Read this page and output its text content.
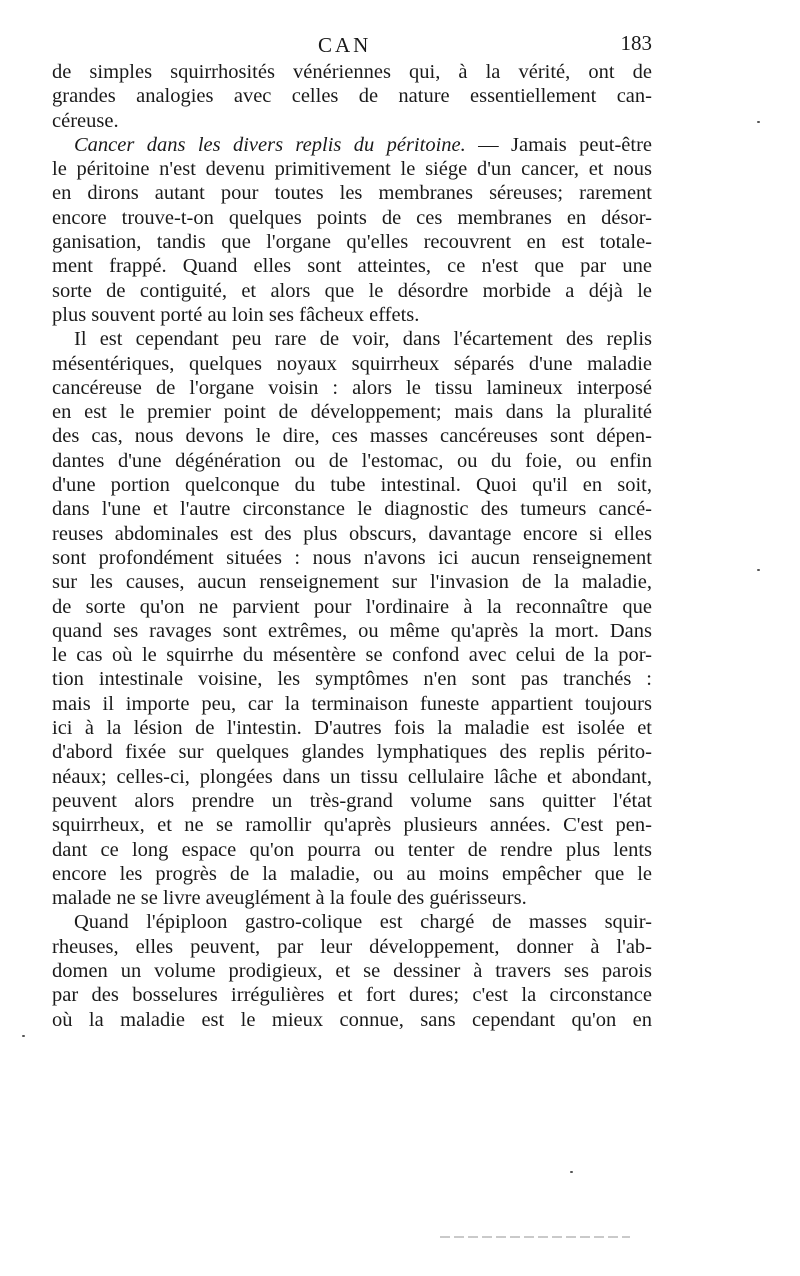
CAN	183
de simples squirrhosités vénériennes qui, à la vérité, ont de
grandes analogies avec celles de nature essentiellement can-
céreuse.
Cancer dans les divers replis du péritoine. — Jamais peut-être
le péritoine n'est devenu primitivement le siége d'un cancer, et nous
en dirons autant pour toutes les membranes séreuses; rarement
encore trouve-t-on quelques points de ces membranes en désor-
ganisation, tandis que l'organe qu'elles recouvrent en est totale-
ment frappé. Quand elles sont atteintes, ce n'est que par une
sorte de contiguité, et alors que le désordre morbide a déjà le
plus souvent porté au loin ses fâcheux effets.
Il est cependant peu rare de voir, dans l'écartement des replis
mésentériques, quelques noyaux squirrheux séparés d'une maladie
cancéreuse de l'organe voisin : alors le tissu lamineux interposé
en est le premier point de développement; mais dans la pluralité
des cas, nous devons le dire, ces masses cancéreuses sont dépen-
dantes d'une dégénération ou de l'estomac, ou du foie, ou enfin
d'une portion quelconque du tube intestinal. Quoi qu'il en soit,
dans l'une et l'autre circonstance le diagnostic des tumeurs cancé-
reuses abdominales est des plus obscurs, davantage encore si elles
sont profondément situées : nous n'avons ici aucun renseignement
sur les causes, aucun renseignement sur l'invasion de la maladie,
de sorte qu'on ne parvient pour l'ordinaire à la reconnaître que
quand ses ravages sont extrêmes, ou même qu'après la mort. Dans
le cas où le squirrhe du mésentère se confond avec celui de la por-
tion intestinale voisine, les symptômes n'en sont pas tranchés :
mais il importe peu, car la terminaison funeste appartient toujours
ici à la lésion de l'intestin. D'autres fois la maladie est isolée et
d'abord fixée sur quelques glandes lymphatiques des replis périto-
néaux; celles-ci, plongées dans un tissu cellulaire lâche et abondant,
peuvent alors prendre un très-grand volume sans quitter l'état
squirrheux, et ne se ramollir qu'après plusieurs années. C'est pen-
dant ce long espace qu'on pourra ou tenter de rendre plus lents
encore les progrès de la maladie, ou au moins empêcher que le
malade ne se livre aveuglément à la foule des guérisseurs.
Quand l'épiploon gastro-colique est chargé de masses squir-
rheuses, elles peuvent, par leur développement, donner à l'ab-
domen un volume prodigieux, et se dessiner à travers ses parois
par des bosselures irrégulières et fort dures; c'est la circonstance
où la maladie est le mieux connue, sans cependant qu'on en
